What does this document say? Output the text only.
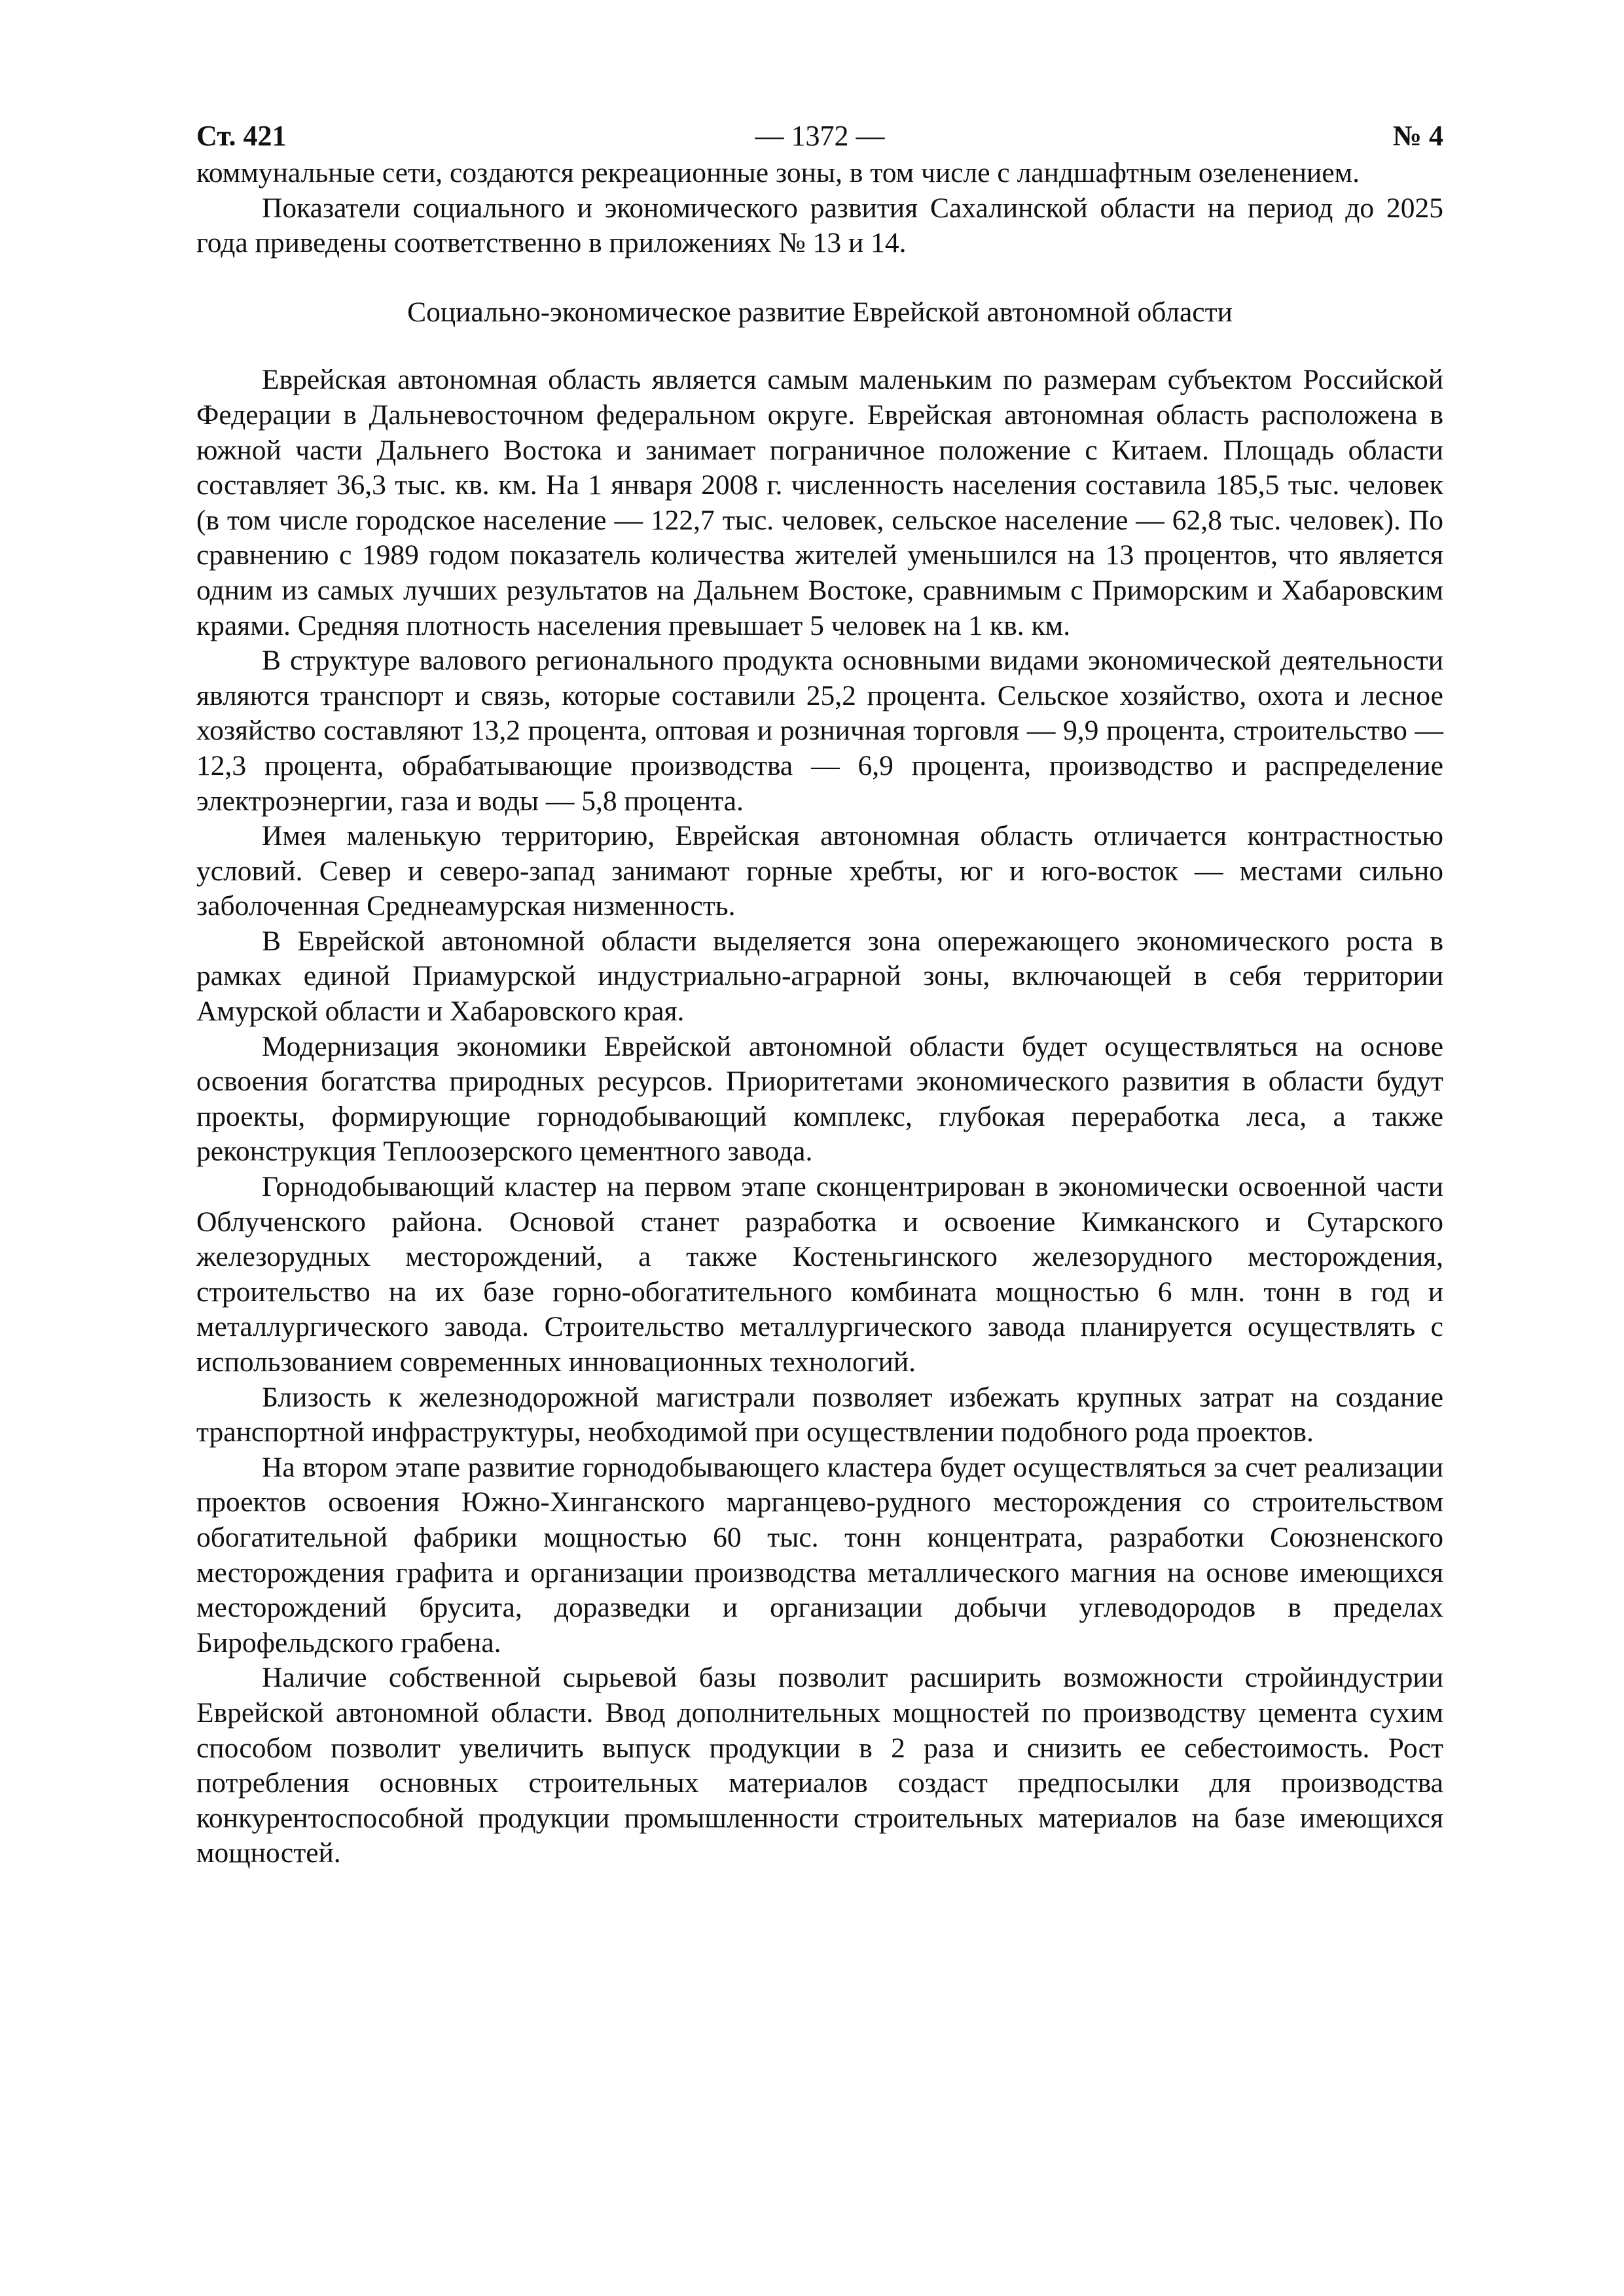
Ст. 421	— 1372 —	№ 4

коммунальные сети, создаются рекреационные зоны, в том числе с ландшафтным озеленением.

Показатели социального и экономического развития Сахалинской области на период до 2025 года приведены соответственно в приложениях № 13 и 14.

Социально-экономическое развитие Еврейской автономной области

Еврейская автономная область является самым маленьким по размерам субъектом Российской Федерации в Дальневосточном федеральном округе. Еврейская автономная область расположена в южной части Дальнего Востока и занимает пограничное положение с Китаем. Площадь области составляет 36,3 тыс. кв. км. На 1 января 2008 г. численность населения составила 185,5 тыс. человек (в том числе городское население — 122,7 тыс. человек, сельское население — 62,8 тыс. человек). По сравнению с 1989 годом показатель количества жителей уменьшился на 13 процентов, что является одним из самых лучших результатов на Дальнем Востоке, сравнимым с Приморским и Хабаровским краями. Средняя плотность населения превышает 5 человек на 1 кв. км.

В структуре валового регионального продукта основными видами экономической деятельности являются транспорт и связь, которые составили 25,2 процента. Сельское хозяйство, охота и лесное хозяйство составляют 13,2 процента, оптовая и розничная торговля — 9,9 процента, строительство — 12,3 процента, обрабатывающие производства — 6,9 процента, производство и распределение электроэнергии, газа и воды — 5,8 процента.

Имея маленькую территорию, Еврейская автономная область отличается контрастностью условий. Север и северо-запад занимают горные хребты, юг и юго-восток — местами сильно заболоченная Среднеамурская низменность.

В Еврейской автономной области выделяется зона опережающего экономического роста в рамках единой Приамурской индустриально-аграрной зоны, включающей в себя территории Амурской области и Хабаровского края.

Модернизация экономики Еврейской автономной области будет осуществляться на основе освоения богатства природных ресурсов. Приоритетами экономического развития в области будут проекты, формирующие горнодобывающий комплекс, глубокая переработка леса, а также реконструкция Теплоозерского цементного завода.

Горнодобывающий кластер на первом этапе сконцентрирован в экономически освоенной части Облученского района. Основой станет разработка и освоение Кимканского и Сутарского железорудных месторождений, а также Костеньгинского железорудного месторождения, строительство на их базе горно-обогатительного комбината мощностью 6 млн. тонн в год и металлургического завода. Строительство металлургического завода планируется осуществлять с использованием современных инновационных технологий.

Близость к железнодорожной магистрали позволяет избежать крупных затрат на создание транспортной инфраструктуры, необходимой при осуществлении подобного рода проектов.

На втором этапе развитие горнодобывающего кластера будет осуществляться за счет реализации проектов освоения Южно-Хинганского марганцево-рудного месторождения со строительством обогатительной фабрики мощностью 60 тыс. тонн концентрата, разработки Союзненского месторождения графита и организации производства металлического магния на основе имеющихся месторождений брусита, доразведки и организации добычи углеводородов в пределах Бирофельдского грабена.

Наличие собственной сырьевой базы позволит расширить возможности стройиндустрии Еврейской автономной области. Ввод дополнительных мощностей по производству цемента сухим способом позволит увеличить выпуск продукции в 2 раза и снизить ее себестоимость. Рост потребления основных строительных материалов создаст предпосылки для производства конкурентоспособной продукции промышленности строительных материалов на базе имеющихся мощностей.
